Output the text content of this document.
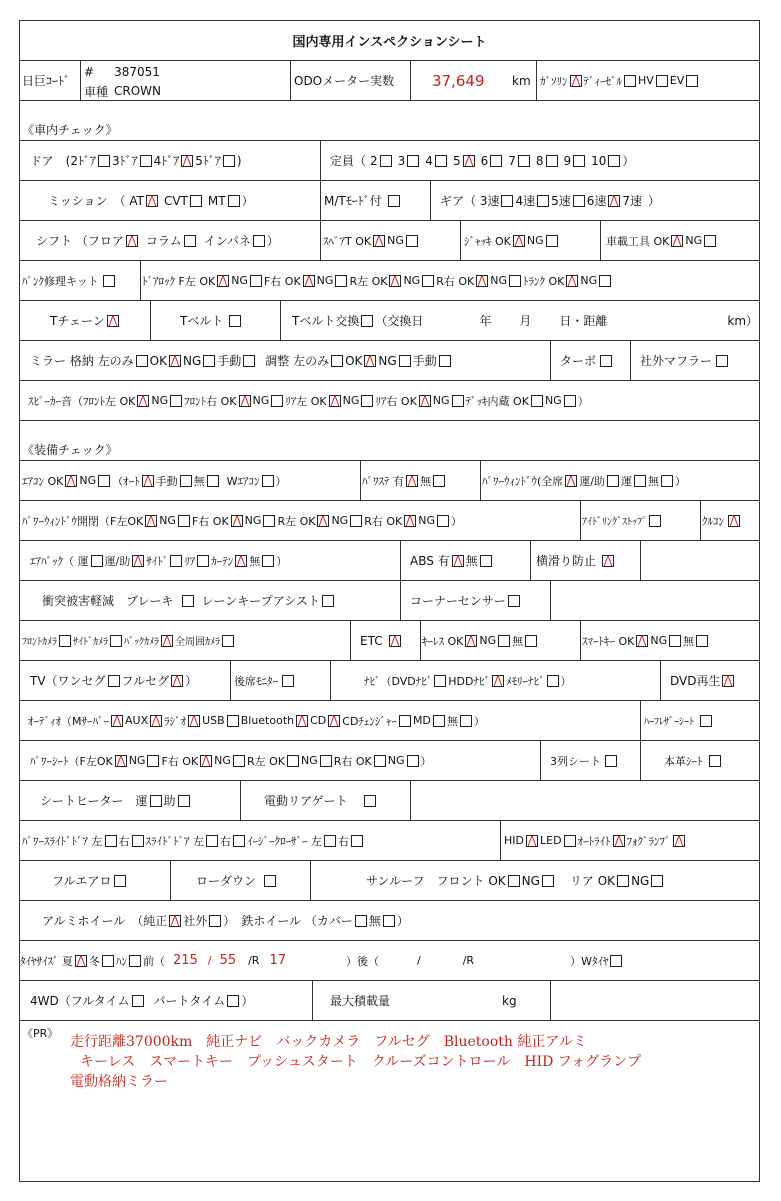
国内専用インスペクションシート
日巨ｺｰﾄﾞ
# 387051
車種 CROWN
ODOメーター実数	37,649 km ｶﾞｿﾘﾝ ﾃﾞｨｰｾﾞﾙ HV EV
《車内チェック》
ドア　(2ﾄﾞｱ 3ﾄﾞｱ 4ﾄﾞｱ 5ﾄﾞｱ )	定員（ 2 3 4 5 6 7 8 9 10 ）
ミッション　（ AT CVT MT ）	M/Tﾓｰﾄﾞ付	ギア（ 3速 4速 5速 6速 7速 ）
シフト （フロア コラム インパネ ）	ｽﾍﾟｱT OK NG	ｼﾞｬｯｷ OK NG	車載工具 OK NG
ﾊﾟﾝｸ修理キット	ﾄﾞｱﾛｯｸ F左 OK NG F右 OK NG R左 OK NG R右 OK NG ﾄﾗﾝｸ OK NG
Tチェーン	Tベルト	Tベルト交換 （交換日	年 月 日・距離	km）
ミラー 格納 左のみ OK NG 手動 調整 左のみ OK NG 手動	ターボ	社外マフラー
ｽﾋﾟｰｶｰ音（ﾌﾛﾝﾄ左 OK NG ﾌﾛﾝﾄ右 OK NG ﾘｱ左 OK NG ﾘｱ右 OK NG ﾃﾞｯｷ内蔵 OK NG ）
《装備チェック》
ｴｱｺﾝ OK NG （ｵｰﾄ 手動 無 Wｴｱｺﾝ ）	ﾊﾟﾜｽﾃ 有 無	ﾊﾟﾜｰｳｨﾝﾄﾞｳ(全席 運/助 運 無 ）
ﾊﾟﾜｰｳｨﾝﾄﾞｳ開閉（F左OK NG F右 OK NG R左 OK NG R右 OK NG ）	ｱｲﾄﾞﾘﾝｸﾞｽﾄｯﾌﾟ	ｸﾙｺﾝ
ｴｱﾊﾞｯｸ（ 運 運/助 ｻｲﾄﾞ ﾘｱ ｶｰﾃﾝ 無 ）	ABS 有 無	横滑り防止
衝突被害軽減　ブレーキ レーンキープアシスト	コーナーセンサー
ﾌﾛﾝﾄｶﾒﾗ ｻｲﾄﾞｶﾒﾗ ﾊﾞｯｸｶﾒﾗ 全周囲ｶﾒﾗ	ETC	ｷｰﾚｽ OK NG 無	ｽﾏｰﾄｷｰ OK NG 無
TV（ワンセグ フルセグ ）	後席ﾓﾆﾀｰ	ﾅﾋﾞ（DVDﾅﾋﾞ HDDﾅﾋﾞ ﾒﾓﾘｰﾅﾋﾞ ）	DVD再生
ｵｰﾃﾞｨｵ（Mｻｰﾊﾞｰ AUX ﾗｼﾞｵ USB Bluetooth CD CDﾁｪﾝｼﾞｬｰ MD 無 ）	ﾊｰﾌﾚｻﾞｰｼｰﾄ
ﾊﾟﾜｰｼｰﾄ（F左OK NG F右 OK NG R左 OK NG R右 OK NG ）	3列シート	本革ｼｰﾄ
シートヒーター　運 助	電動リアゲート
ﾊﾟﾜｰｽﾗｲﾄﾞﾄﾞｱ 左 右 ｽﾗｲﾄﾞﾄﾞｱ 左 右 ｲｰｼﾞｰｸﾛｰｻﾞｰ 左 右	HID LED ｵｰﾄﾗｲﾄ ﾌｫｸﾞﾗﾝﾌﾟ
フルエアロ	ローダウン	サンルーフ　フロント OK NG	リア OK NG
アルミホイール　（純正 社外 ） 鉄ホイール （カバー 無 ）
ﾀｲﾔｻｲｽﾞ 夏 冬 ﾊﾝ 前（ 215 / 55 /R 17	）後（	/	/R	）Wﾀｲﾔ
4WD（フルタイム パートタイム ）	最大積載量	kg
《PR》
走行距離37000km　純正ナビ　バックカメラ　フルセグ　Bluetooth 純正アルミ
キーレス　スマートキー　プッシュスタート　クルーズコントロール　HID フォグランプ
電動格納ミラー
